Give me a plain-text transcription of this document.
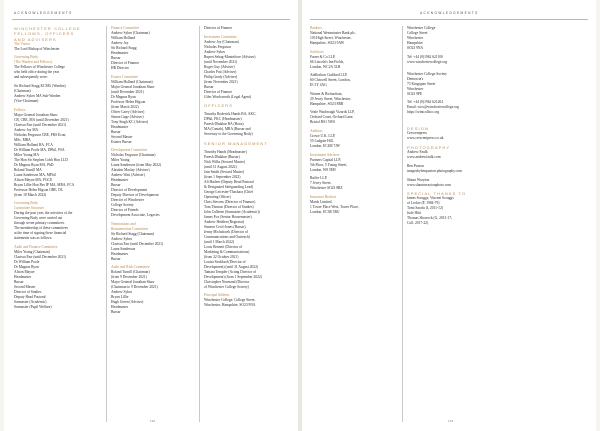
ACKNOWLEDGEMENTS
WINCHESTER COLLEGE
FELLOWS, OFFICERS
AND ADVISERS
The Visitor
The Lord Bishop of Winchester
Governing Body
(The Warden and Fellows)
The Fellows of Winchester College
who held office during the year
and subsequently were:
Sir Richard Stagg KCMG (Warden)
(Chairman)
Andrew Sykes MA Sub-Warden
(Vice-Chairman)
Fellows
Major General Jonathan Shaw
CB, CBE, MA (until December 2021)
Clarissa Farr (until December 2021)
Andrew Joy MA
Nicholas Ferguson CBE, FRS Econ,
MSc, MBA
William Holland BA, FCA
Dr William Poole MA, DPhil, FSA
Miles Young MA
The Hon Sir Stephen Cobb Hon LLD
Dr Magnus Ryan MA, PhD
Roland Turnill MA
Laura Sanderson MA, MPhil
Alison Mayne MA, PGCE
Bryan Lillie Hon Res IP MA, MBA, FCA
Professor Helen Higson OBE, DL
(from 18 March 2022)
Governing Body
Committee Structure
During the past year, the activities of the
Governing Body were carried out
through seven primary committees.
The membership of these committees
at the time of signing these financial
statements was as follows:
Audit and Finance Committee
Miles Young (Chairman)
Clarissa Farr (until December 2021)
Dr William Poole
Dr Magnus Ryan
Alison Mayne
Headmaster
Bursar
Second Master
Director of Studies
Deputy Head Pastoral
Surmaster (Academic)
Surmaster (Pupil Welfare)
Finance Committee
Andrew Sykes (Chairman)
William Holland
Andrew Joy
Sir Richard Stagg
Headmaster
Bursar
Director of Finance
HR Director
Estates Committee
William Holland (Chairman)
Major General Jonathan Shaw
(until December 2021)
Dr Magnus Ryan
Professor Helen Higson
(from March 2022)
Oliver Carey (Adviser)
Simon Gage (Adviser)
Tony Singh KC (Adviser)
Headmaster
Bursar
Second Master
Estates Bursar
Development Committee
Nicholas Ferguson (Chairman)
Miles Young
Laura Sanderson (from May 2022)
Alasdair Maclay (Adviser)
Andrew Watt (Adviser)
Headmaster
Bursar
Director of Development
Deputy Director of Development
Director of Winchester
College Society
Director of Friends
Development Associate, Legacies
Nominations and
Remuneration Committee
Sir Richard Stagg (Chairman)
Andrew Sykes
Clarissa Farr (until December 2021)
Laura Sanderson
Headmaster
Bursar
Audit and Risk Committee
Roland Turnill (Chairman)
(from 9 December 2021)
Major General Jonathan Shaw
(Chairman to 9 December 2021)
Andrew Sykes
Bryan Lillie
Hugh Green (Adviser)
Headmaster
Bursar
Director of Finance
Investment Committee
Andrew Joy (Chairman)
Nicholas Ferguson
Andrew Sykes
Rupert Sebag-Montefiore (Adviser)
(until November 2021)
Roger Guy (Adviser)
Charles Pott (Adviser)
Philip Grady (Adviser)
(from November 2021)
Bursar
Director of Finance
Giles Wordsworth (Legal Agent)
OFFICERS
Timothy Roderick Hands BA, AKC,
DPhil, FKC (Headmaster)
Paresh Dhakkar BA (Hons),
MA (Cantab), MBA (Bursar and
Secretary to the Governing Body)
SENIOR MANAGEMENT
Timothy Hands (Headmaster)
Paresh Dhakkar (Bursar)
Nick Wilks (Second Master)
(until 31 August 2022)
Jain Smith (Second Master)
(from 1 September 2022)
Ali Hatfeer (Deputy Head Pastoral
& Designated Safeguarding Lead)
George Leicester-Thackara (Chief
Operating Officer)
Chris Stevens (Director of Finance)
Tom Thomas (Director of Studies)
John Cullerne (Surmaster (Academic))
James Fox (Senior Housemaster)
Andrew Hedden (Registrar)
Simeon Cecil-Jones (Bursar)
Jenny Michalczek (Director of
Communications and Outreach)
(until 1 March 2022)
Louis Bennett (Director of
Marketing & Communications)
(from 22 October 2021)
Louisa Stoddard (Director of
Development) (until 31 August 2022)
Tamara Templer (Acting Director of
Development) (from 1 September 2022)
Christopher Normand (Director
of Winchester College Society)
Principal Address
Winchester College, College Street,
Winchester, Hampshire, SO23 9NA
112
ACKNOWLEDGEMENTS
Bankers
National Westminster Bank plc,
103 High Street, Winchester,
Hampshire, SO23 9AW
Solicitors
Farrer & Co LLP,
66 Lincoln's Inn Fields,
London, WC2A 3LH
Addleshaw Goddard LLP,
60 Chiswell Street, London,
EC1Y 4AG
Warner & Richardson,
29 Jewry Street, Winchester,
Hampshire, SO23 8RR
Veale Wasbrough Vizards LLP,
Orchard Court, Orchard Lane,
Bristol BS1 5WS
Auditors
Crowe U.K. LLP,
55 Ludgate Hill,
London, EC4M 7JW
Investment Advisers
Partners Capital LLP,
5th Floor, 5 Young Street,
London, W8 5EH
Ruffer LLP,
7 Jewry Street,
Winchester SO23 8RZ
Insurance Brokers
Marsh Limited,
1 Tower Place West, Tower Place,
London, EC3R 5BU
Winchester College
College Street
Winchester
Hampshire
SO23 9NA
Tel: +44 (0)1962 621100
www.winchestercollege.org
Winchester College Society
Demorcia's
73 Kingsgate Street
Winchester
SO23 9PE
Tel: +44 (0)1962 621204
Email: wics@winchestercollege.org
https://wintcollsoc.org
DESIGN
Crescentpress
www.crescentpress.co.uk
PHOTOGRAPHY
Andrew Faulk
www.andrewfaulk.com
Ben Puxton
imagesbybenpuxton.photography.com
Shaun Wrayton
www.shaunwraytonphoto.com
SPECIAL THANKS TO
James Scruggs, Vincent Scruggs
of Leckie (F, 1984-79)
Tomi Sarafu (I, 2011-12)
Jude Hitti
Thomas Shorrock (G, 2013-17;
Coll, 2017-22)
113
